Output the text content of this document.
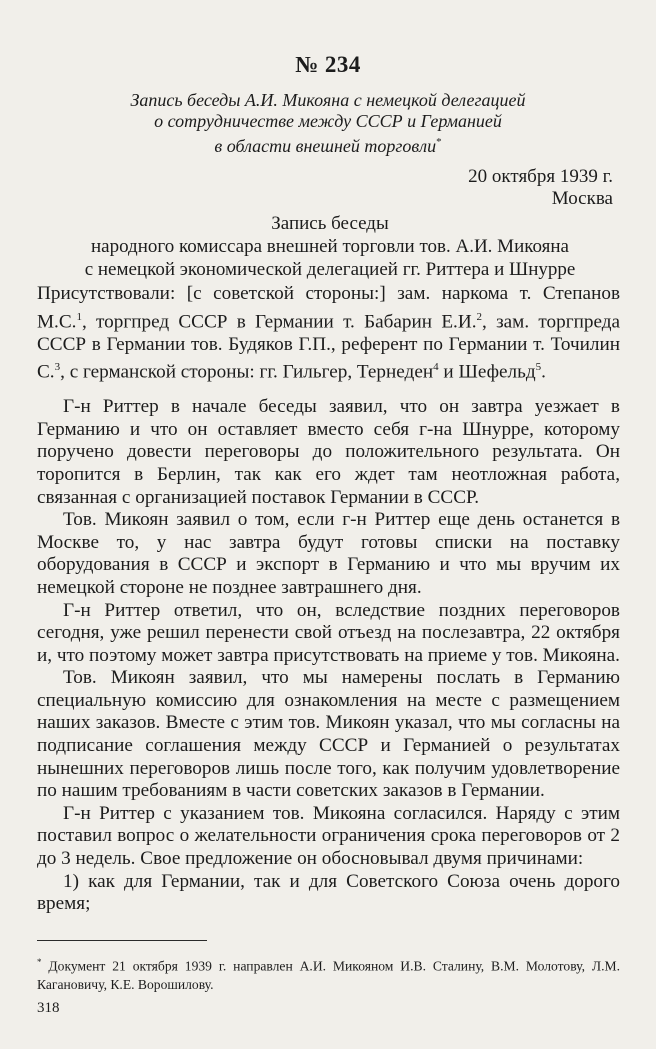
№ 234
Запись беседы А.И. Микояна с немецкой делегацией
о сотрудничестве между СССР и Германией
в области внешней торговли*
20 октября 1939 г.
Москва
Запись беседы
народного комиссара внешней торговли тов. А.И. Микояна
с немецкой экономической делегацией гг. Риттера и Шнурре

Присутствовали: [с советской стороны:] зам. наркома т. Степанов М.С.$^1$, торгпред СССР в Германии т. Бабарин Е.И.$^2$, зам. торгпреда СССР в Германии тов. Будяков Г.П., референт по Германии т. Точилин С.$^3$, с германской стороны: гг. Гильгер, Тернеден$^4$ и Шефельд$^5$.

Г-н Риттер в начале беседы заявил, что он завтра уезжает в Германию и что он оставляет вместо себя г-на Шнурре, которому поручено довести переговоры до положительного результата. Он торопится в Берлин, так как его ждет там неотложная работа, связанная с организацией поставок Германии в СССР.

Тов. Микоян заявил о том, если г-н Риттер еще день останется в Москве то, у нас завтра будут готовы списки на поставку оборудования в СССР и экспорт в Германию и что мы вручим их немецкой стороне не позднее завтрашнего дня.

Г-н Риттер ответил, что он, вследствие поздних переговоров сегодня, уже решил перенести свой отъезд на послезавтра, 22 октября и, что поэтому может завтра присутствовать на приеме у тов. Микояна.

Тов. Микоян заявил, что мы намерены послать в Германию специальную комиссию для ознакомления на месте с размещением наших заказов. Вместе с этим тов. Микоян указал, что мы согласны на подписание соглашения между СССР и Германией о результатах нынешних переговоров лишь после того, как получим удовлетворение по нашим требованиям в части советских заказов в Германии.

Г-н Риттер с указанием тов. Микояна согласился. Наряду с этим поставил вопрос о желательности ограничения срока переговоров от 2 до 3 недель. Свое предложение он обосновывал двумя причинами:

1) как для Германии, так и для Советского Союза очень дорого время;

* Документ 21 октября 1939 г. направлен А.И. Микояном И.В. Сталину, В.М. Молотову, Л.М. Кагановичу, К.Е. Ворошилову.
318
